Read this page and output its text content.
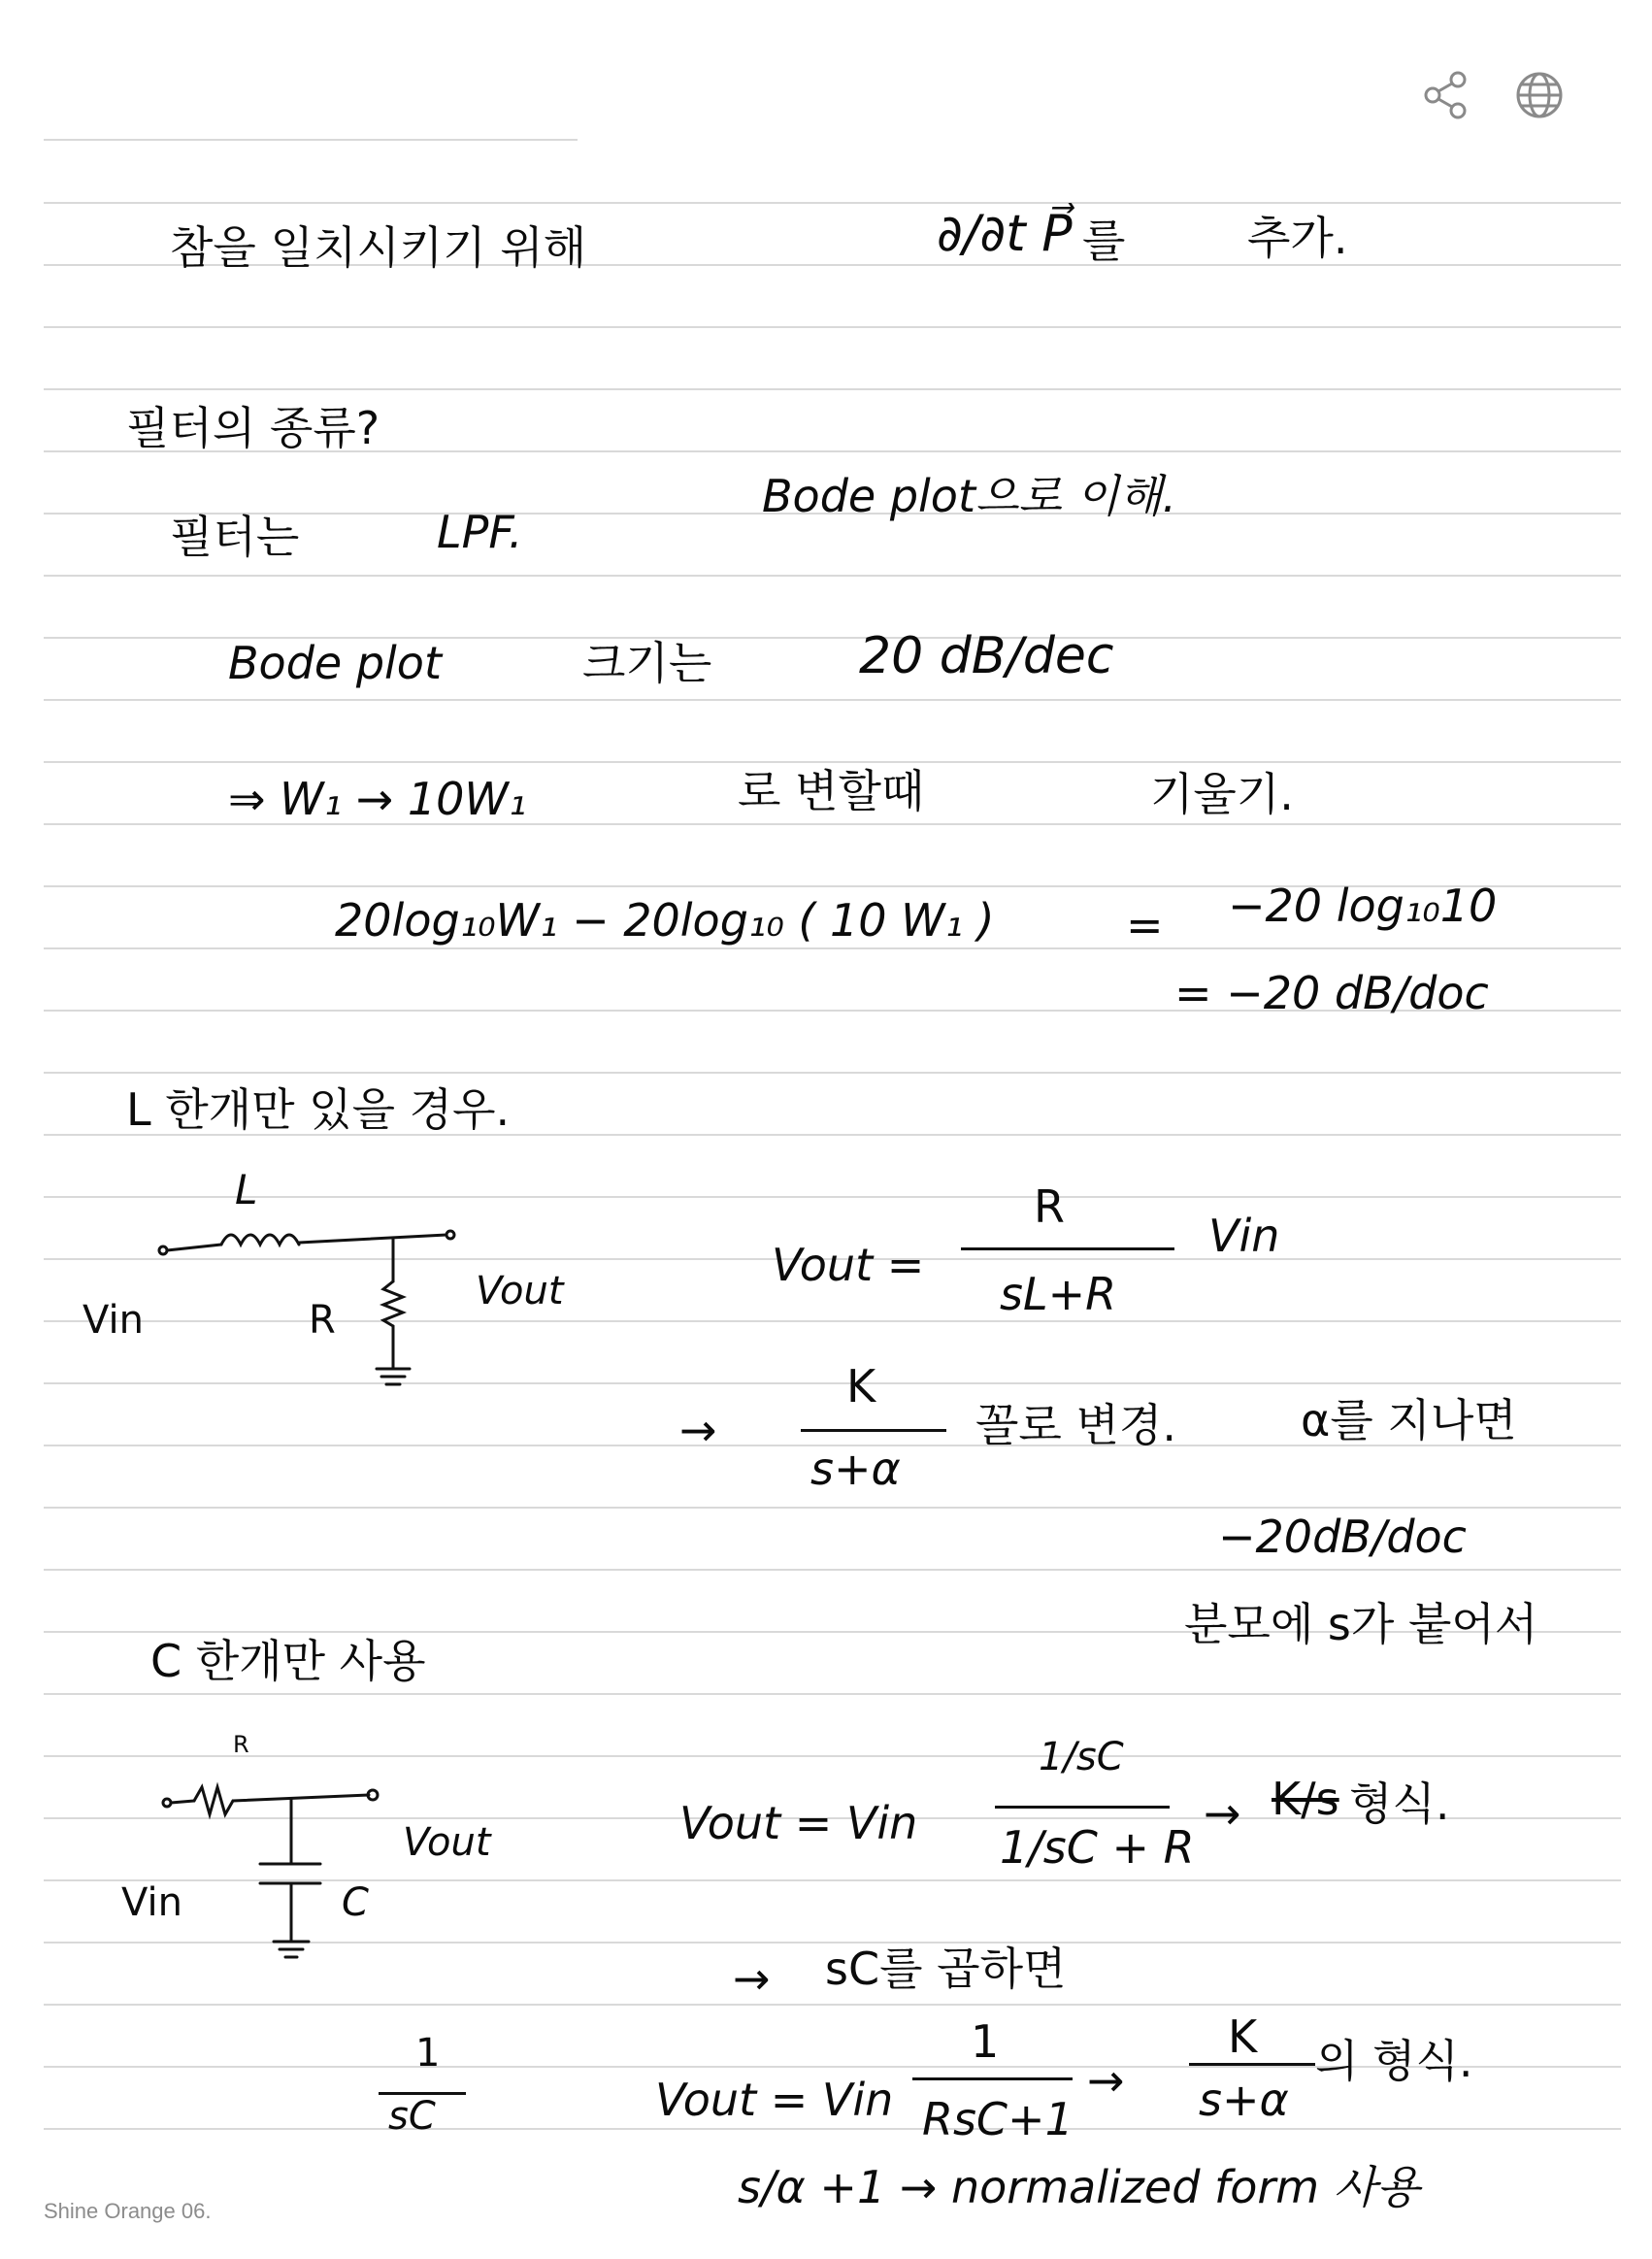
참을 일치시키기 위해	∂/∂t P⃗ 를	추가.
필터의 종류?
Bode plot으로 이해.
필터는	LPF.
Bode plot	크기는	20 dB/dec
⇒ W₁ → 10W₁	로 변할때	기울기.
20log₁₀W₁ − 20log₁₀ ( 10 W₁ )	= −20 log₁₀10
= −20 dB/doc
L 한개만 있을 경우.
L
Vin	R
Vout	Vout =
R
sL+R
Vin
→
K
s+α
꼴로 변경.	α를 지나면
−20dB/doc
분모에 s가 붙어서
C 한개만 사용
Vin
Vout
C
R
Vout = Vin
1/sC
1/sC + R
→ K/s 형식.
→ sC를 곱하면
1
sC	Vout = Vin
1
RsC+1
→
K
s+α
의 형식.
s/α +1 → normalized form 사용
Shine Orange 06.
